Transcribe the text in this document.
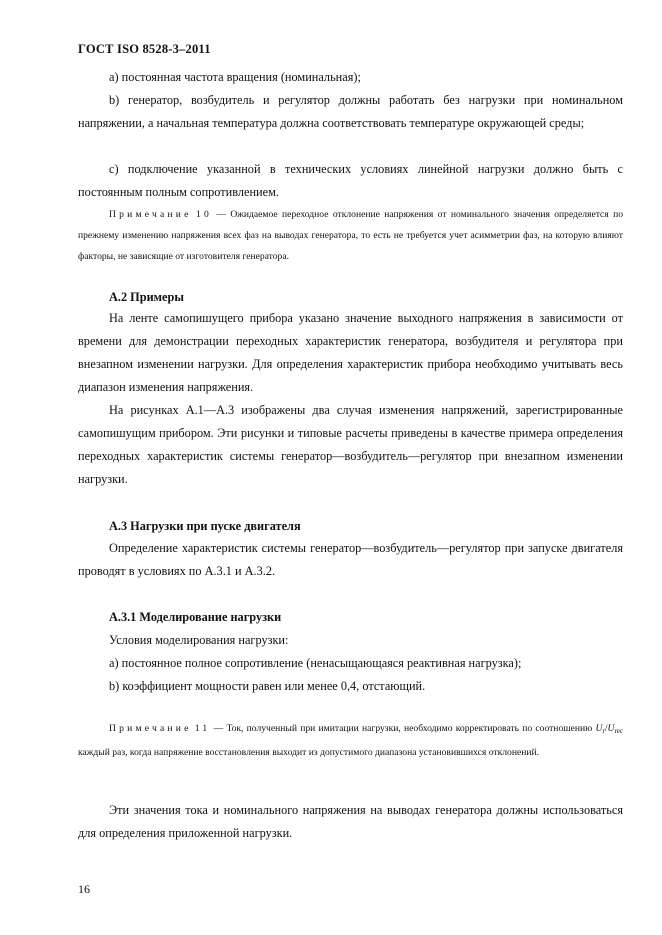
ГОСТ ISO 8528-3–2011
a) постоянная частота вращения (номинальная);
b) генератор, возбудитель и регулятор должны работать без нагрузки при номинальном напряжении, а начальная температура должна соответствовать температуре окружающей среды;
c) подключение указанной в технических условиях линейной нагрузки должно быть с постоянным полным сопротивлением.
Примечание 10 — Ожидаемое переходное отклонение напряжения от номинального значения определяется по прежнему изменению напряжения всех фаз на выводах генератора, то есть не требуется учет асимметрии фаз, на которую влияют факторы, не зависящие от изготовителя генератора.
А.2 Примеры
На ленте самопишущего прибора указано значение выходного напряжения в зависимости от времени для демонстрации переходных характеристик генератора, возбудителя и регулятора при внезапном изменении нагрузки. Для определения характеристик прибора необходимо учитывать весь диапазон изменения напряжения.
На рисунках А.1—А.3 изображены два случая изменения напряжений, зарегистрированные самопишущим прибором. Эти рисунки и типовые расчеты приведены в качестве примера определения переходных характеристик системы генератор—возбудитель—регулятор при внезапном изменении нагрузки.
А.3 Нагрузки при пуске двигателя
Определение характеристик системы генератор—возбудитель—регулятор при запуске двигателя проводят в условиях по А.3.1 и А.3.2.
А.3.1 Моделирование нагрузки
Условия моделирования нагрузки:
a) постоянное полное сопротивление (ненасыщающаяся реактивная нагрузка);
b) коэффициент мощности равен или менее 0,4, отстающий.
Примечание 11 — Ток, полученный при имитации нагрузки, необходимо корректировать по соотношению $U_r/U_{rec}$ каждый раз, когда напряжение восстановления выходит из допустимого диапазона установившихся отклонений.
Эти значения тока и номинального напряжения на выводах генератора должны использоваться для определения приложенной нагрузки.
16
